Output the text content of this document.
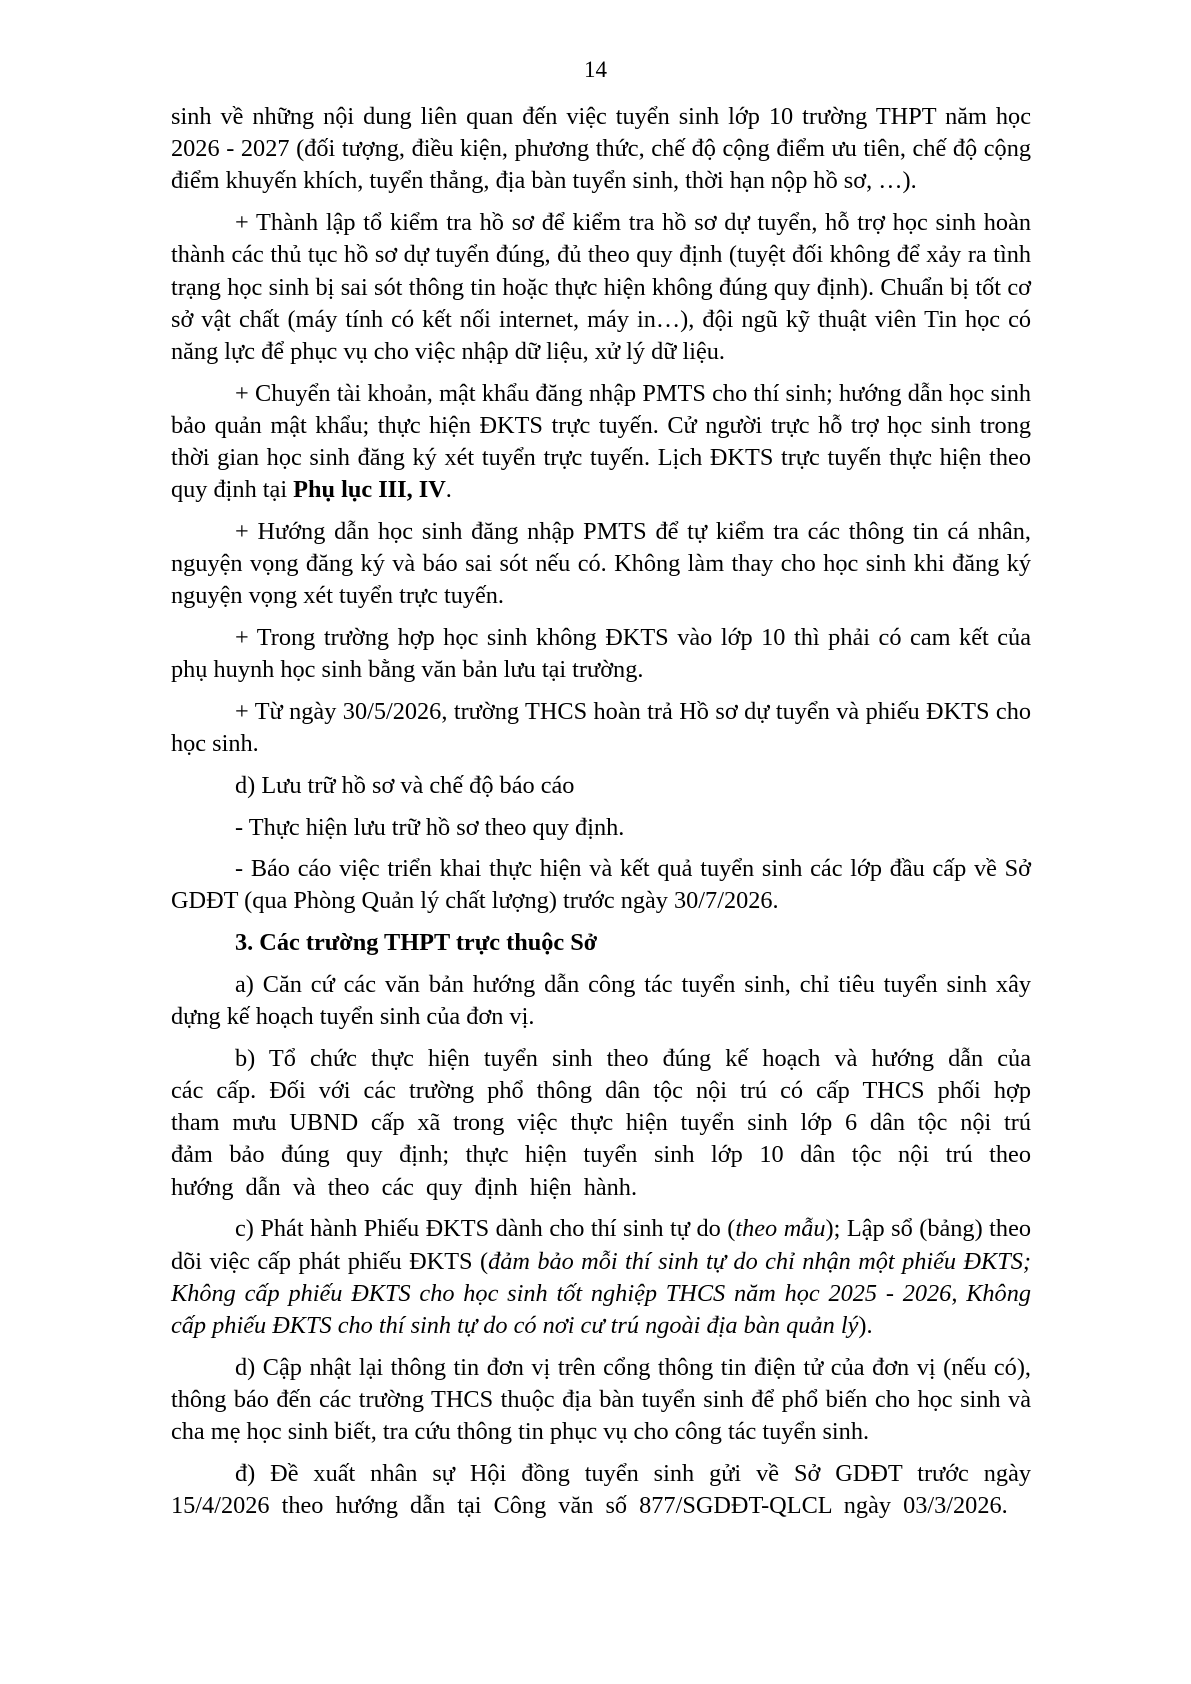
14

sinh về những nội dung liên quan đến việc tuyển sinh lớp 10 trường THPT năm học 2026 - 2027 (đối tượng, điều kiện, phương thức, chế độ cộng điểm ưu tiên, chế độ cộng điểm khuyến khích, tuyển thẳng, địa bàn tuyển sinh, thời hạn nộp hồ sơ, …).

+ Thành lập tổ kiểm tra hồ sơ để kiểm tra hồ sơ dự tuyển, hỗ trợ học sinh hoàn thành các thủ tục hồ sơ dự tuyển đúng, đủ theo quy định (tuyệt đối không để xảy ra tình trạng học sinh bị sai sót thông tin hoặc thực hiện không đúng quy định). Chuẩn bị tốt cơ sở vật chất (máy tính có kết nối internet, máy in…), đội ngũ kỹ thuật viên Tin học có năng lực để phục vụ cho việc nhập dữ liệu, xử lý dữ liệu.

+ Chuyển tài khoản, mật khẩu đăng nhập PMTS cho thí sinh; hướng dẫn học sinh bảo quản mật khẩu; thực hiện ĐKTS trực tuyến. Cử người trực hỗ trợ học sinh trong thời gian học sinh đăng ký xét tuyển trực tuyến. Lịch ĐKTS trực tuyến thực hiện theo quy định tại Phụ lục III, IV.

+ Hướng dẫn học sinh đăng nhập PMTS để tự kiểm tra các thông tin cá nhân, nguyện vọng đăng ký và báo sai sót nếu có. Không làm thay cho học sinh khi đăng ký nguyện vọng xét tuyển trực tuyến.

+ Trong trường hợp học sinh không ĐKTS vào lớp 10 thì phải có cam kết của phụ huynh học sinh bằng văn bản lưu tại trường.

+ Từ ngày 30/5/2026, trường THCS hoàn trả Hồ sơ dự tuyển và phiếu ĐKTS cho học sinh.

d) Lưu trữ hồ sơ và chế độ báo cáo

- Thực hiện lưu trữ hồ sơ theo quy định.

- Báo cáo việc triển khai thực hiện và kết quả tuyển sinh các lớp đầu cấp về Sở GDĐT (qua Phòng Quản lý chất lượng) trước ngày 30/7/2026.

3. Các trường THPT trực thuộc Sở

a) Căn cứ các văn bản hướng dẫn công tác tuyển sinh, chỉ tiêu tuyển sinh xây dựng kế hoạch tuyển sinh của đơn vị.

b) Tổ chức thực hiện tuyển sinh theo đúng kế hoạch và hướng dẫn của các cấp. Đối với các trường phổ thông dân tộc nội trú có cấp THCS phối hợp tham mưu UBND cấp xã trong việc thực hiện tuyển sinh lớp 6 dân tộc nội trú đảm bảo đúng quy định; thực hiện tuyển sinh lớp 10 dân tộc nội trú theo hướng dẫn và theo các quy định hiện hành.

c) Phát hành Phiếu ĐKTS dành cho thí sinh tự do (theo mẫu); Lập sổ (bảng) theo dõi việc cấp phát phiếu ĐKTS (đảm bảo mỗi thí sinh tự do chỉ nhận một phiếu ĐKTS; Không cấp phiếu ĐKTS cho học sinh tốt nghiệp THCS năm học 2025 - 2026, Không cấp phiếu ĐKTS cho thí sinh tự do có nơi cư trú ngoài địa bàn quản lý).

d) Cập nhật lại thông tin đơn vị trên cổng thông tin điện tử của đơn vị (nếu có), thông báo đến các trường THCS thuộc địa bàn tuyển sinh để phổ biến cho học sinh và cha mẹ học sinh biết, tra cứu thông tin phục vụ cho công tác tuyển sinh.

đ) Đề xuất nhân sự Hội đồng tuyển sinh gửi về Sở GDĐT trước ngày 15/4/2026 theo hướng dẫn tại Công văn số 877/SGDĐT-QLCL ngày 03/3/2026.
